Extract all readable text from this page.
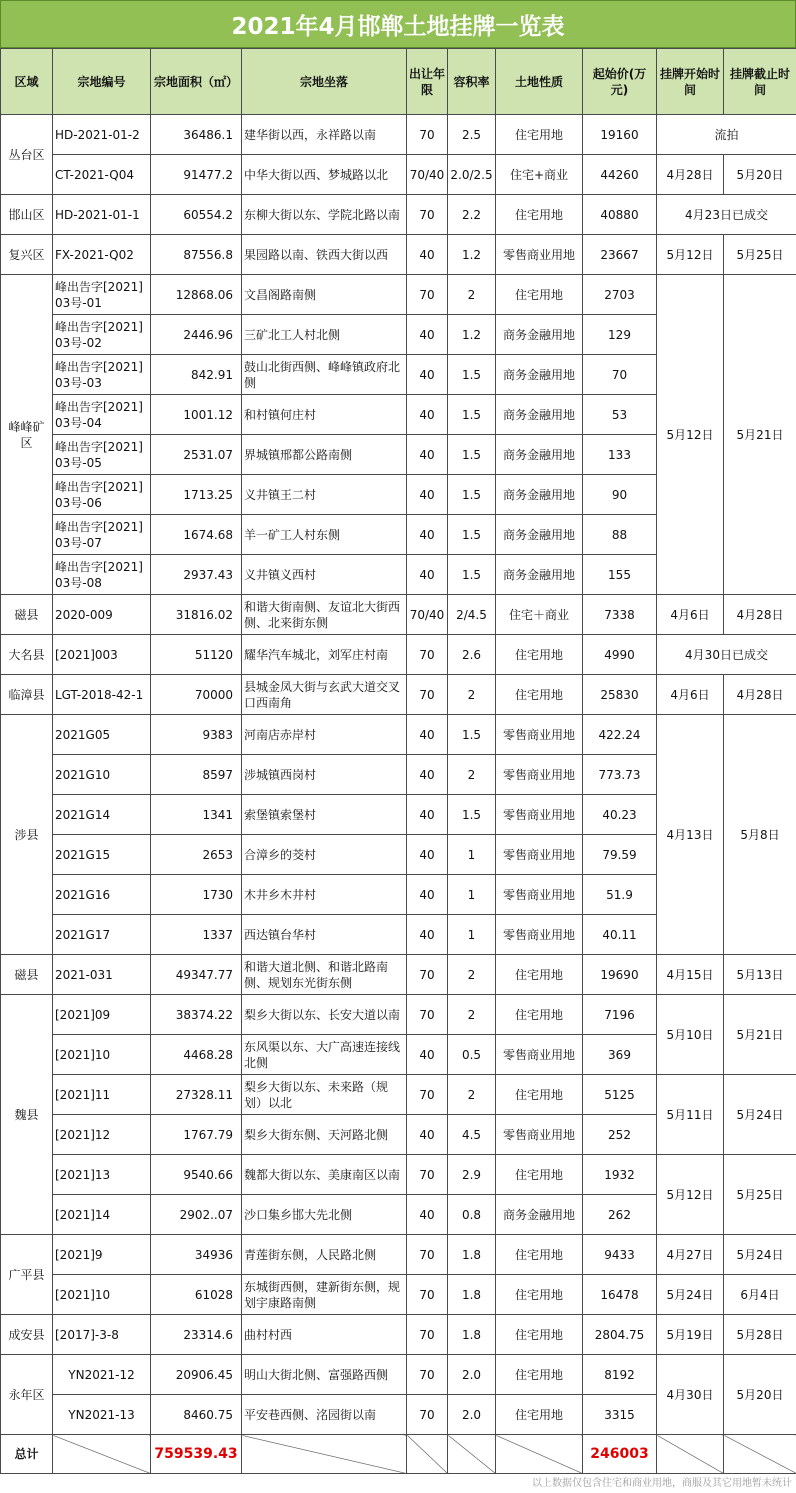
2021年4月邯郸土地挂牌一览表
区域	宗地编号	宗地面积（㎡）	宗地坐落	出让年限	容积率	土地性质	起始价(万元)	挂牌开始时间	挂牌截止时间
丛台区	HD-2021-01-2	36486.1	建华街以西，永祥路以南	70	2.5	住宅用地	19160	流拍	
	CT-2021-Q04	91477.2	中华大街以西、梦城路以北	70/40	2.0/2.5	住宅+商业	44260	4月28日	5月20日
邯山区	HD-2021-01-1	60554.2	东柳大街以东、学院北路以南	70	2.2	住宅用地	40880	4月23日已成交	
复兴区	FX-2021-Q02	87556.8	果园路以南、铁西大街以西	40	1.2	零售商业用地	23667	5月12日	5月25日
峰峰矿区	峰出告字[2021]03号-01	12868.06	文昌阁路南侧	70	2	住宅用地	2703	5月12日	5月21日
	峰出告字[2021]03号-02	2446.96	三矿北工人村北侧	40	1.2	商务金融用地	129		
	峰出告字[2021]03号-03	842.91	鼓山北街西侧、峰峰镇政府北侧	40	1.5	商务金融用地	70		
	峰出告字[2021]03号-04	1001.12	和村镇何庄村	40	1.5	商务金融用地	53		
	峰出告字[2021]03号-05	2531.07	界城镇邢都公路南侧	40	1.5	商务金融用地	133		
	峰出告字[2021]03号-06	1713.25	义井镇王二村	40	1.5	商务金融用地	90		
	峰出告字[2021]03号-07	1674.68	羊一矿工人村东侧	40	1.5	商务金融用地	88		
	峰出告字[2021]03号-08	2937.43	义井镇义西村	40	1.5	商务金融用地	155		
磁县	2020-009	31816.02	和谐大街南侧、友谊北大街西侧、北来街东侧	70/40	2/4.5	住宅＋商业	7338	4月6日	4月28日
大名县	[2021]003	51120	耀华汽车城北，刘军庄村南	70	2.6	住宅用地	4990	4月30日已成交	
临漳县	LGT-2018-42-1	70000	县城金凤大街与玄武大道交叉口西南角	70	2	住宅用地	25830	4月6日	4月28日
涉县	2021G05	9383	河南店赤岸村	40	1.5	零售商业用地	422.24	4月13日	5月8日
	2021G10	8597	涉城镇西岗村	40	2	零售商业用地	773.73		
	2021G14	1341	索堡镇索堡村	40	1.5	零售商业用地	40.23		
	2021G15	2653	合漳乡的茭村	40	1	零售商业用地	79.59		
	2021G16	1730	木井乡木井村	40	1	零售商业用地	51.9		
	2021G17	1337	西达镇台华村	40	1	零售商业用地	40.11		
磁县	2021-031	49347.77	和谐大道北侧、和谐北路南侧、规划东光街东侧	70	2	住宅用地	19690	4月15日	5月13日
魏县	[2021]09	38374.22	梨乡大街以东、长安大道以南	70	2	住宅用地	7196	5月10日	5月21日
	[2021]10	4468.28	东风渠以东、大广高速连接线北侧	40	0.5	零售商业用地	369		
	[2021]11	27328.11	梨乡大街以东、未来路（规划）以北	70	2	住宅用地	5125	5月11日	5月24日
	[2021]12	1767.79	梨乡大街东侧、天河路北侧	40	4.5	零售商业用地	252		
	[2021]13	9540.66	魏都大街以东、美康南区以南	70	2.9	住宅用地	1932	5月12日	5月25日
	[2021]14	2902..07	沙口集乡邯大先北侧	40	0.8	商务金融用地	262		
广平县	[2021]9	34936	青莲街东侧，人民路北侧	70	1.8	住宅用地	9433	4月27日	5月24日
	[2021]10	61028	东城街西侧，建新街东侧，规划宇康路南侧	70	1.8	住宅用地	16478	5月24日	6月4日
成安县	[2017]-3-8	23314.6	曲村村西	70	1.8	住宅用地	2804.75	5月19日	5月28日
永年区	YN2021-12	20906.45	明山大街北侧、富强路西侧	70	2.0	住宅用地	8192	4月30日	5月20日
	YN2021-13	8460.75	平安巷西侧、洺园街以南	70	2.0	住宅用地	3315		
总计		759539.43					246003		
以上数据仅包含住宅和商业用地，商服及其它用地暂未统计
